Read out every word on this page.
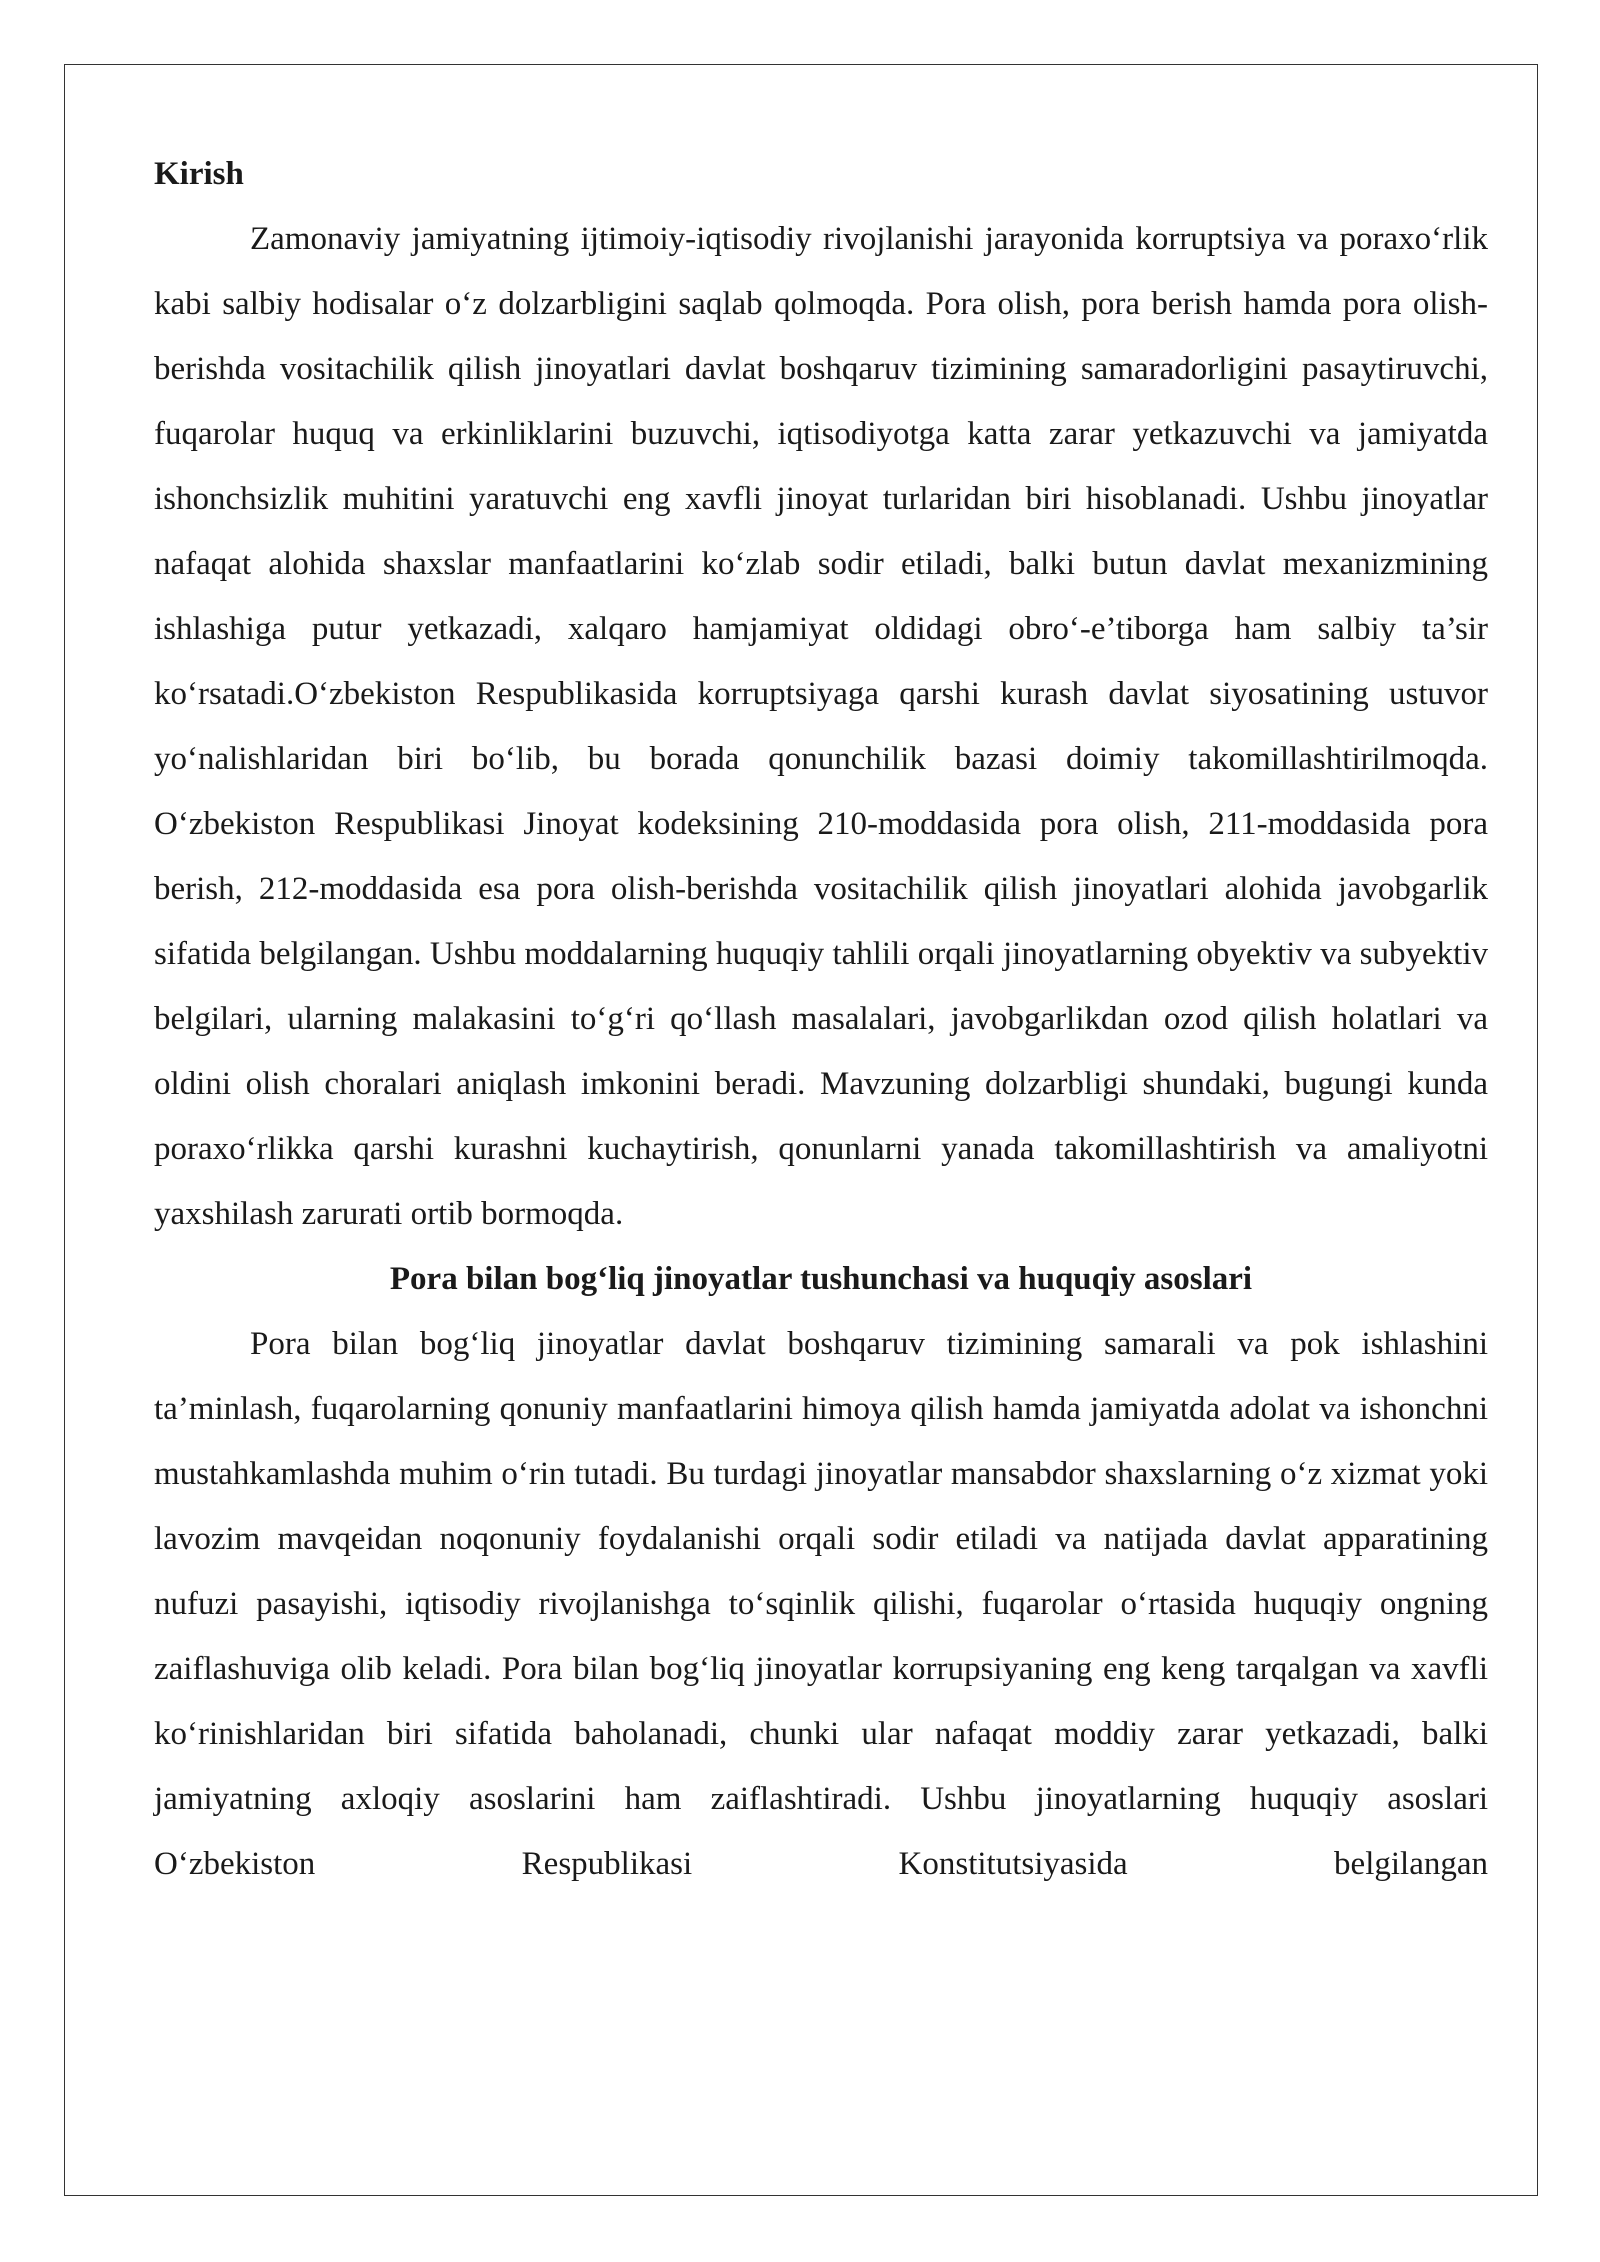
Kirish

Zamonaviy jamiyatning ijtimoiy-iqtisodiy rivojlanishi jarayonida korruptsiya va poraxo‘rlik kabi salbiy hodisalar o‘z dolzarbligini saqlab qolmoqda. Pora olish, pora berish hamda pora olish-berishda vositachilik qilish jinoyatlari davlat boshqaruv tizimining samaradorligini pasaytiruvchi, fuqarolar huquq va erkinliklarini buzuvchi, iqtisodiyotga katta zarar yetkazuvchi va jamiyatda ishonchsizlik muhitini yaratuvchi eng xavfli jinoyat turlaridan biri hisoblanadi. Ushbu jinoyatlar nafaqat alohida shaxslar manfaatlarini ko‘zlab sodir etiladi, balki butun davlat mexanizmining ishlashiga putur yetkazadi, xalqaro hamjamiyat oldidagi obro‘-e’tiborga ham salbiy ta’sir ko‘rsatadi.O‘zbekiston Respublikasida korruptsiyaga qarshi kurash davlat siyosatining ustuvor yo‘nalishlaridan biri bo‘lib, bu borada qonunchilik bazasi doimiy takomillashtirilmoqda. O‘zbekiston Respublikasi Jinoyat kodeksining 210-moddasida pora olish, 211-moddasida pora berish, 212-moddasida esa pora olish-berishda vositachilik qilish jinoyatlari alohida javobgarlik sifatida belgilangan. Ushbu moddalarning huquqiy tahlili orqali jinoyatlarning obyektiv va subyektiv belgilari, ularning malakasini to‘g‘ri qo‘llash masalalari, javobgarlikdan ozod qilish holatlari va oldini olish choralari aniqlash imkonini beradi. Mavzuning dolzarbligi shundaki, bugungi kunda poraxo‘rlikka qarshi kurashni kuchaytirish, qonunlarni yanada takomillashtirish va amaliyotni yaxshilash zarurati ortib bormoqda.

Pora bilan bog‘liq jinoyatlar tushunchasi va huquqiy asoslari

Pora bilan bog‘liq jinoyatlar davlat boshqaruv tizimining samarali va pok ishlashini ta’minlash, fuqarolarning qonuniy manfaatlarini himoya qilish hamda jamiyatda adolat va ishonchni mustahkamlashda muhim o‘rin tutadi. Bu turdagi jinoyatlar mansabdor shaxslarning o‘z xizmat yoki lavozim mavqeidan noqonuniy foydalanishi orqali sodir etiladi va natijada davlat apparatining nufuzi pasayishi, iqtisodiy rivojlanishga to‘sqinlik qilishi, fuqarolar o‘rtasida huquqiy ongning zaiflashuviga olib keladi. Pora bilan bog‘liq jinoyatlar korrupsiyaning eng keng tarqalgan va xavfli ko‘rinishlaridan biri sifatida baholanadi, chunki ular nafaqat moddiy zarar yetkazadi, balki jamiyatning axloqiy asoslarini ham zaiflashtiradi. Ushbu jinoyatlarning huquqiy asoslari O‘zbekiston Respublikasi Konstitutsiyasida belgilangan
